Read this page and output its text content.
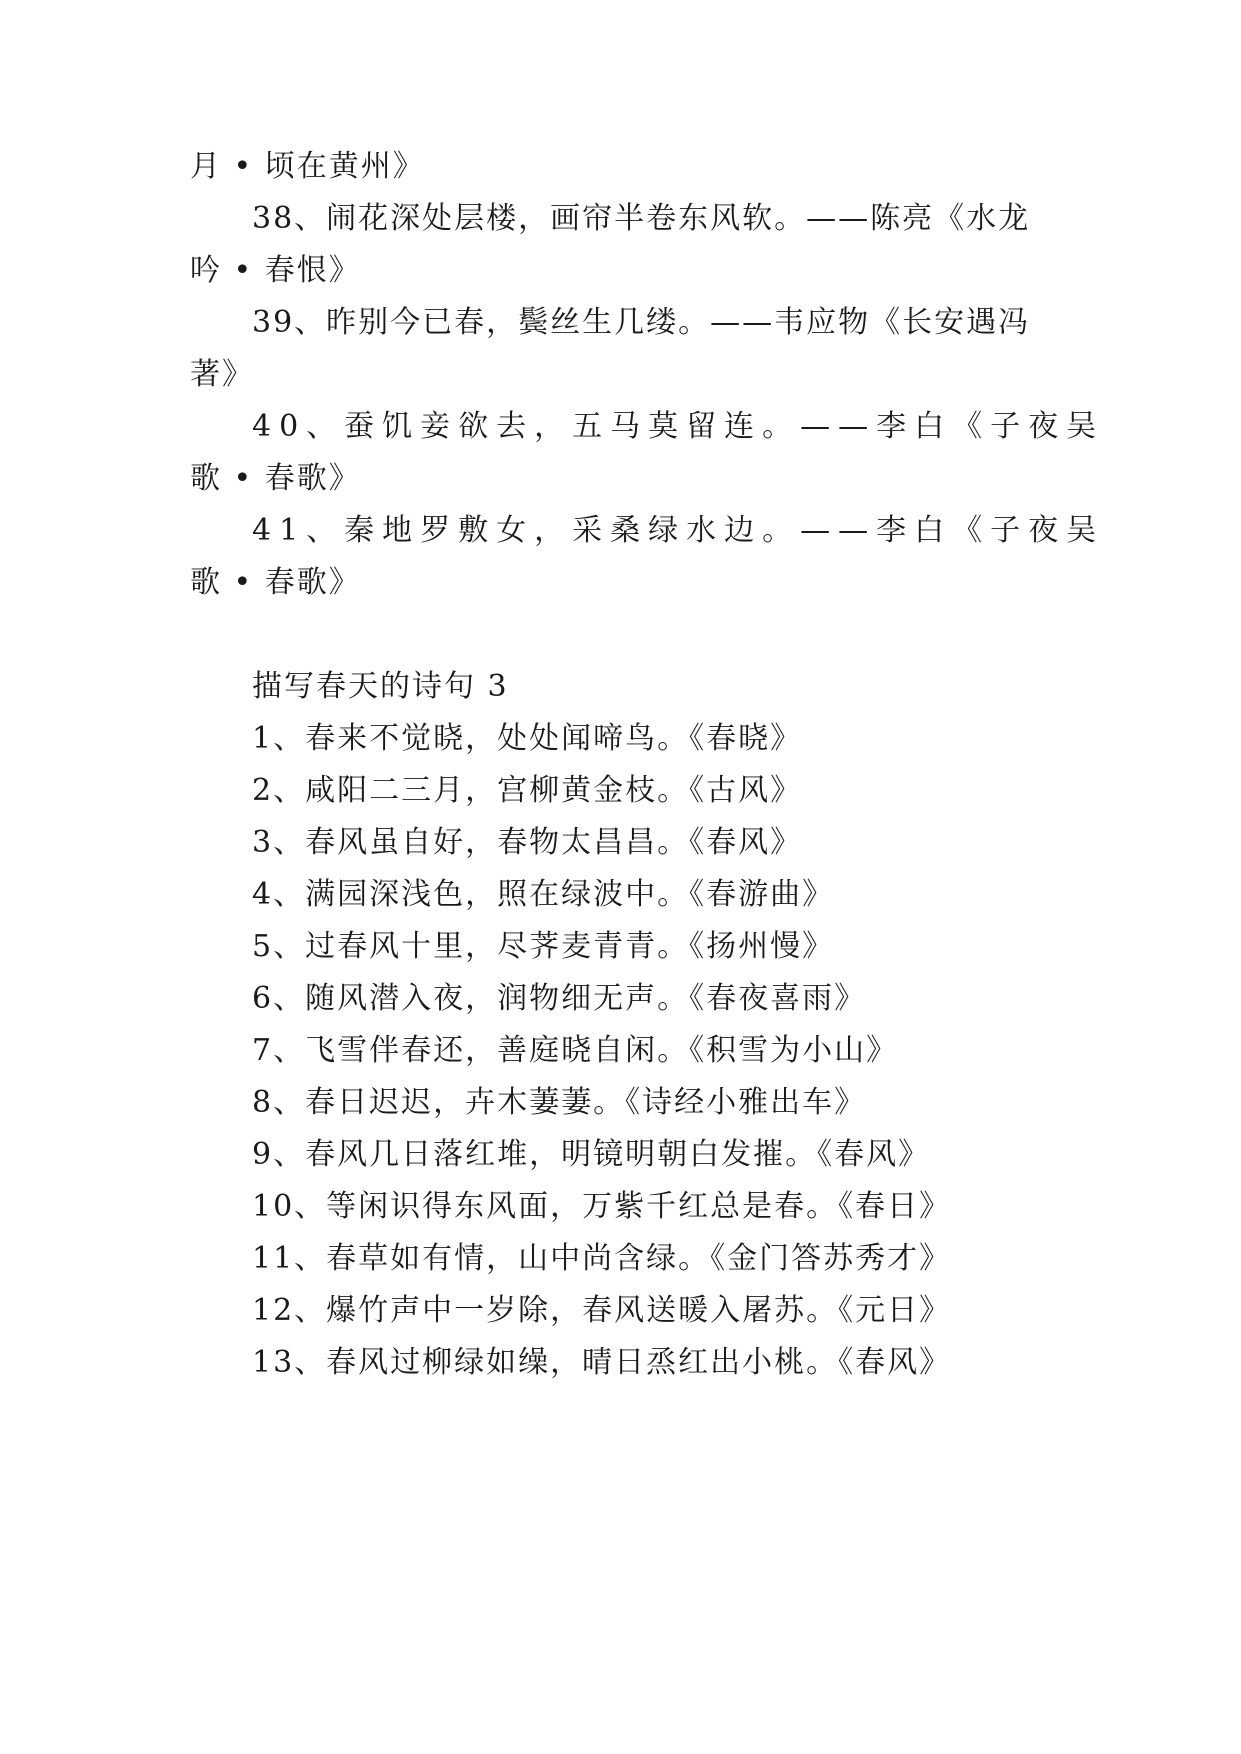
月 • 顷在黄州》
38、闹花深处层楼，画帘半卷东风软。——陈亮《水龙
吟 • 春恨》
39、昨别今已春，鬓丝生几缕。——韦应物《长安遇冯
著》
40、蚕饥妾欲去，五马莫留连。——李白《子夜吴
歌 • 春歌》
41、秦地罗敷女，采桑绿水边。——李白《子夜吴
歌 • 春歌》
描写春天的诗句 3
1、春来不觉晓，处处闻啼鸟。《春晓》
2、咸阳二三月，宫柳黄金枝。《古风》
3、春风虽自好，春物太昌昌。《春风》
4、满园深浅色，照在绿波中。《春游曲》
5、过春风十里，尽荠麦青青。《扬州慢》
6、随风潜入夜，润物细无声。《春夜喜雨》
7、飞雪伴春还，善庭晓自闲。《积雪为小山》
8、春日迟迟，卉木萋萋。《诗经小雅出车》
9、春风几日落红堆，明镜明朝白发摧。《春风》
10、等闲识得东风面，万紫千红总是春。《春日》
11、春草如有情，山中尚含绿。《金门答苏秀才》
12、爆竹声中一岁除，春风送暖入屠苏。《元日》
13、春风过柳绿如缲，晴日烝红出小桃。《春风》
